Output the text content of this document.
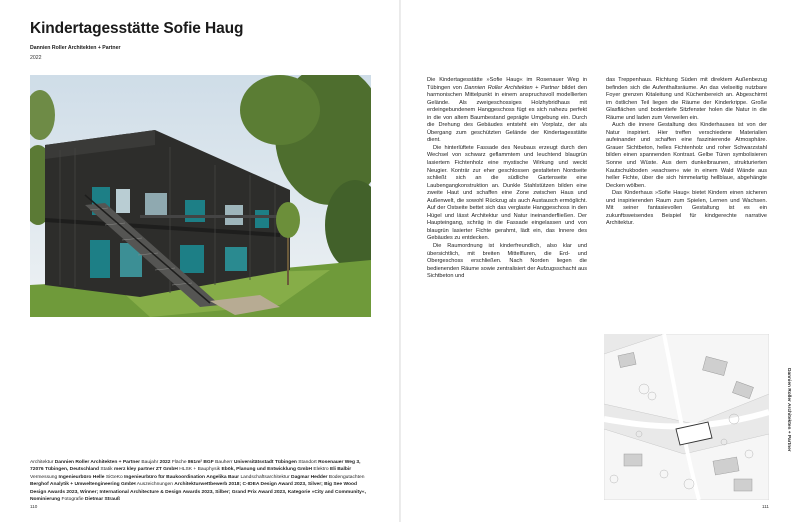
Kindertagesstätte Sofie Haug
Dannien Roller Architekten + Partner
2022

Die Kindertagesstätte »Sofie Haug« im Rosenauer Weg in Tübingen von Dannien Roller Architekten + Partner bildet den harmonischen Mittelpunkt in einem anspruchsvoll modellierten Gelände. Als zweigeschossiges Holzhybridhaus mit erdeingebundenem Hanggeschoss fügt es sich nahezu perfekt in die von altem Baumbestand geprägte Umgebung ein. Durch die Drehung des Gebäudes entsteht ein Vorplatz, der als Übergang zum geschützten Gelände der Kindertagesstätte dient.

Die hinterlüftete Fassade des Neubaus erzeugt durch den Wechsel von schwarz geflammtem und leuchtend blaugrün lasiertem Fichtenholz eine mystische Wirkung und weckt Neugier. Konträr zur eher geschlossen gestalteten Nordseite schließt sich an die südliche Gartenseite eine Laubengangkonstruktion an. Dunkle Stahlstützen bilden eine zweite Haut und schaffen eine Zone zwischen Haus und Außenwelt, die sowohl Rückzug als auch Austausch ermöglicht. Auf der Ostseite bettet sich das verglaste Hanggeschoss in den Hügel und lässt Architektur und Natur ineinanderfließen. Der Haupteingang, schräg in die Fassade eingelassen und von blaugrün lasierter Fichte gerahmt, lädt ein, das Innere des Gebäudes zu entdecken.

Die Raumordnung ist kinderfreundlich, also klar und übersichtlich, mit breiten Mittelfluren, die Erd- und Obergeschoss erschließen. Nach Norden liegen die bedienenden Räume sowie zentralisiert der Aufzugsschacht aus Sichtbeton und

das Treppenhaus. Richtung Süden mit direktem Außenbezug befinden sich die Aufenthaltsräume. An das vielseitig nutzbare Foyer grenzen Kitaleitung und Küchenbereich an. Abgeschirmt im östlichen Teil liegen die Räume der Kinderkrippe. Große Glasflächen und bodentiefe Sitzfenster holen die Natur in die Räume und laden zum Verweilen ein.

Auch die innere Gestaltung des Kinderhauses ist von der Natur inspiriert. Hier treffen verschiedene Materialien aufeinander und schaffen eine faszinierende Atmosphäre. Grauer Sichtbeton, helles Fichtenholz und roher Schwarzstahl bilden einen spannenden Kontrast. Gelbe Türen symbolisieren Sonne und Wüste. Aus dem dunkelbraunen, strukturierten Kautschukboden »wachsen« wie in einem Wald Wände aus heller Fichte, über die sich himmelartig hellblaue, abgehängte Decken wölben.

Das Kinderhaus »Sofie Haug« bietet Kindern einen sicheren und inspirierenden Raum zum Spielen, Lernen und Wachsen. Mit seiner fantasievollen Gestaltung ist es ein zukunftsweisendes Beispiel für kindgerechte narrative Architektur.

Architektur Dannien Roller Architekten + Partner Baujahr 2022 Fläche 861m² BGF Bauherr Universitätsstadt Tübingen Standort Rosenauer Weg 3, 72076 Tübingen, Deutschland Statik merz kley partner ZT GmbH HLSK + Bauphysik Ebök, Planung und Entwicklung GmbH Elektro Eli Balbir Vermessung Ingenieurbüro Helle SiGeKo Ingenieurbüro für Baukoordination Angelika Baur Landschaftsarchitektur Dagmar Hedder Bodengutachten Berghof Analytik + Umweltengineering GmbH Auszeichnungen Architekturwettbewerb 2018; C-IDEA Design Award 2023, Silver; Big See Wood Design Awards 2023, Winner; International Architecture & Design Awards 2023, Silber; Grand Prix Award 2023, Kategorie »City and Community«, Nominierung Fotografie Dietmar Strauß
Dannien Roller Architekten + Partner
110	111
